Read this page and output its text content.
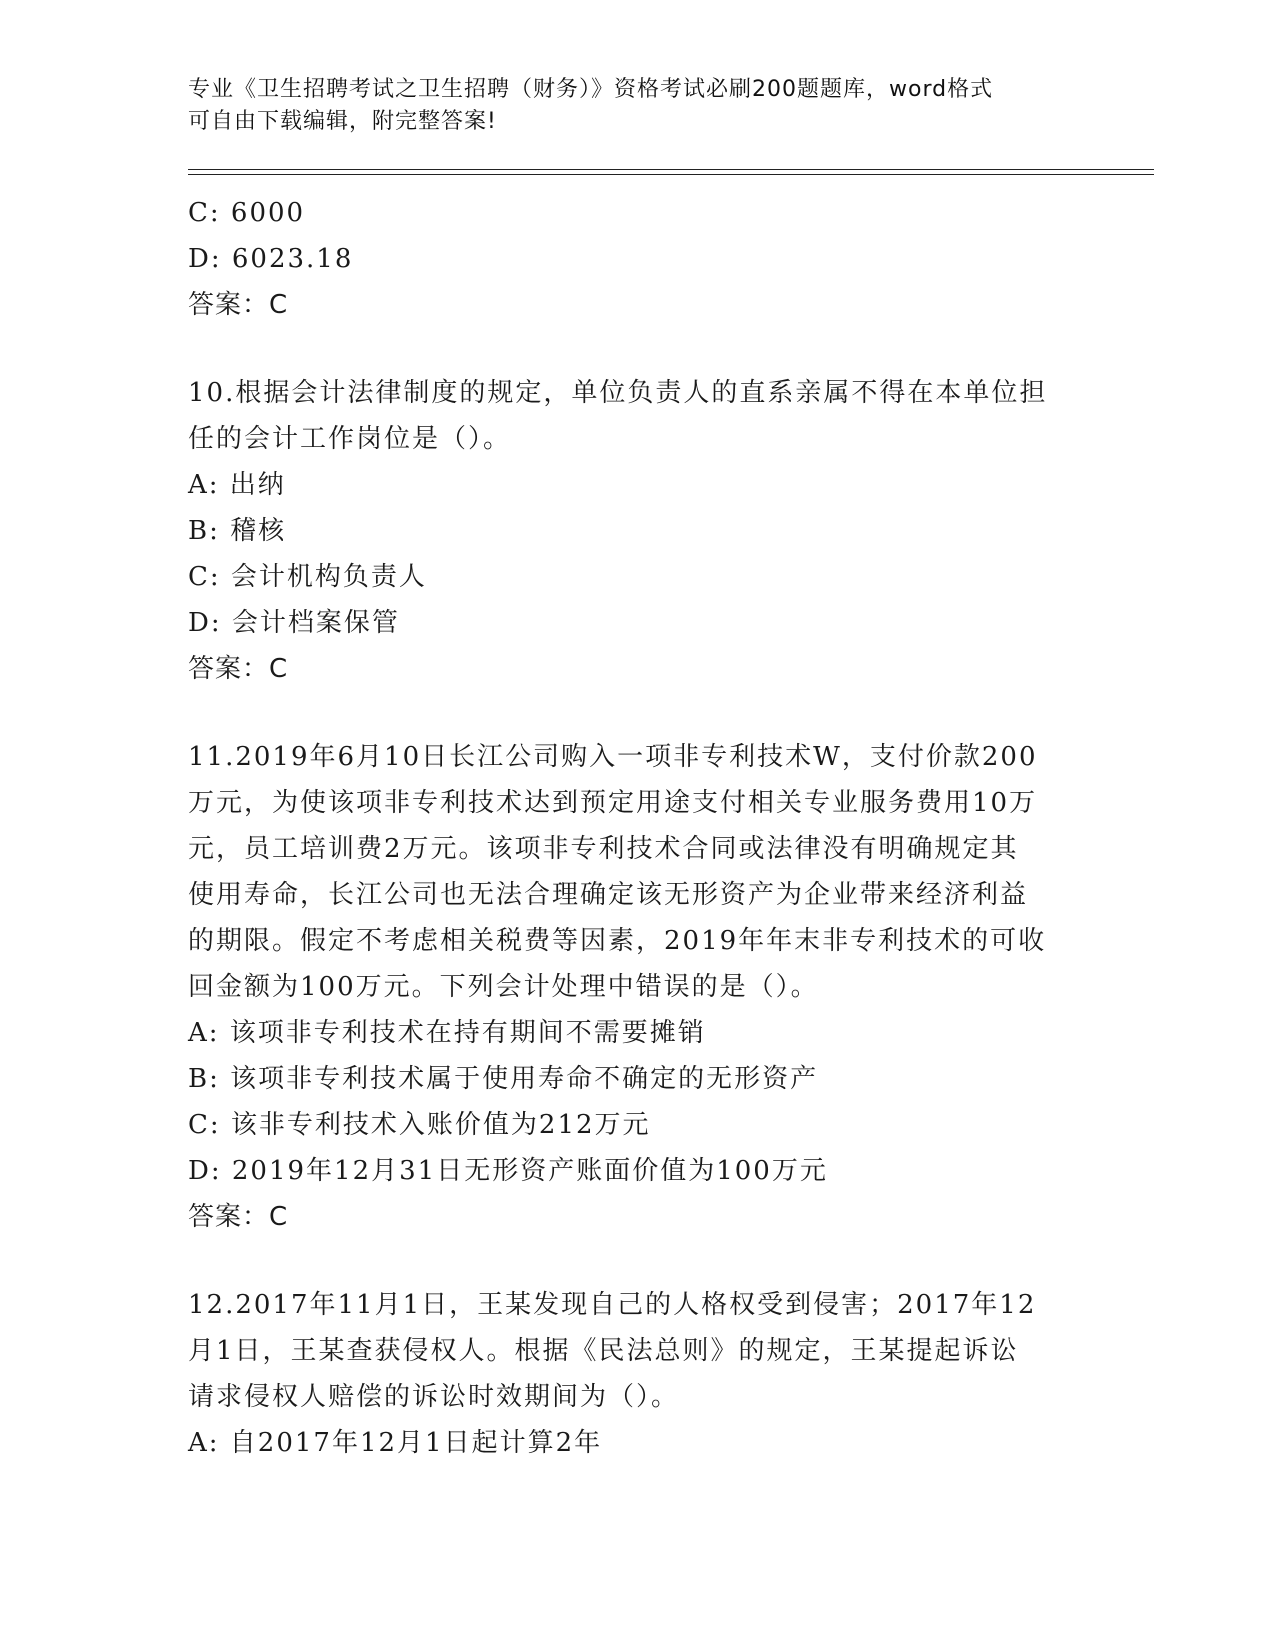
专业《卫生招聘考试之卫生招聘（财务）》资格考试必刷200题题库，word格式
可自由下载编辑，附完整答案!
C: 6000
D: 6023.18
答案：C
10.根据会计法律制度的规定，单位负责人的直系亲属不得在本单位担
任的会计工作岗位是（）。
A: 出纳
B: 稽核
C: 会计机构负责人
D: 会计档案保管
答案：C
11.2019年6月10日长江公司购入一项非专利技术W，支付价款200
万元，为使该项非专利技术达到预定用途支付相关专业服务费用10万
元，员工培训费2万元。该项非专利技术合同或法律没有明确规定其
使用寿命，长江公司也无法合理确定该无形资产为企业带来经济利益
的期限。假定不考虑相关税费等因素，2019年年末非专利技术的可收
回金额为100万元。下列会计处理中错误的是（）。
A: 该项非专利技术在持有期间不需要摊销
B: 该项非专利技术属于使用寿命不确定的无形资产
C: 该非专利技术入账价值为212万元
D: 2019年12月31日无形资产账面价值为100万元
答案：C
12.2017年11月1日，王某发现自己的人格权受到侵害；2017年12
月1日，王某查获侵权人。根据《民法总则》的规定，王某提起诉讼
请求侵权人赔偿的诉讼时效期间为（）。
A: 自2017年12月1日起计算2年
